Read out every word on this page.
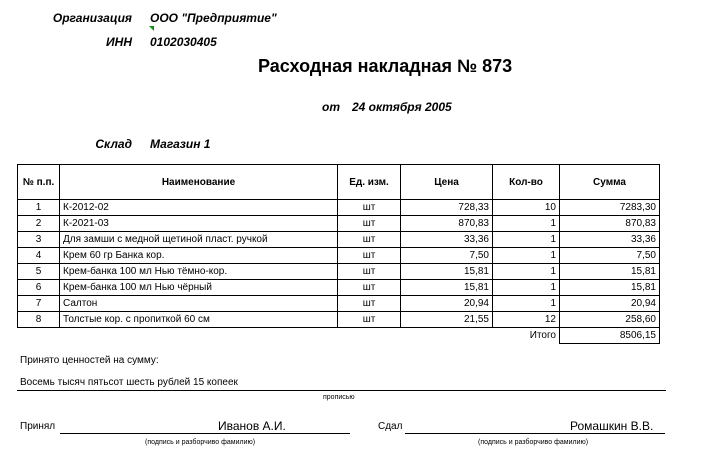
Организация ООО "Предприятие"
ИНН 0102030405
Расходная накладная № 873
от 24 октября 2005
Склад Магазин 1
№ п.п.	Наименование	Ед. изм.	Цена	Кол-во	Сумма
1	К-2012-02	шт	728,33	10	7283,30
2	К-2021-03	шт	870,83	1	870,83
3	Для замши с медной щетиной пласт. ручкой	шт	33,36	1	33,36
4	Крем 60 гр Банка кор.	шт	7,50	1	7,50
5	Крем-банка 100 мл Нью тёмно-кор.	шт	15,81	1	15,81
6	Крем-банка 100 мл Нью чёрный	шт	15,81	1	15,81
7	Салтон	шт	20,94	1	20,94
8	Толстые кор. с пропиткой 60 см	шт	21,55	12	258,60
				Итого	8506,15
Принято ценностей на сумму:
Восемь тысяч пятьсот шесть рублей 15 копеек
прописью
Принял	Иванов А.И.
(подпись и разборчиво фамилию)
Сдал	Ромашкин В.В.
(подпись и разборчиво фамилию)
